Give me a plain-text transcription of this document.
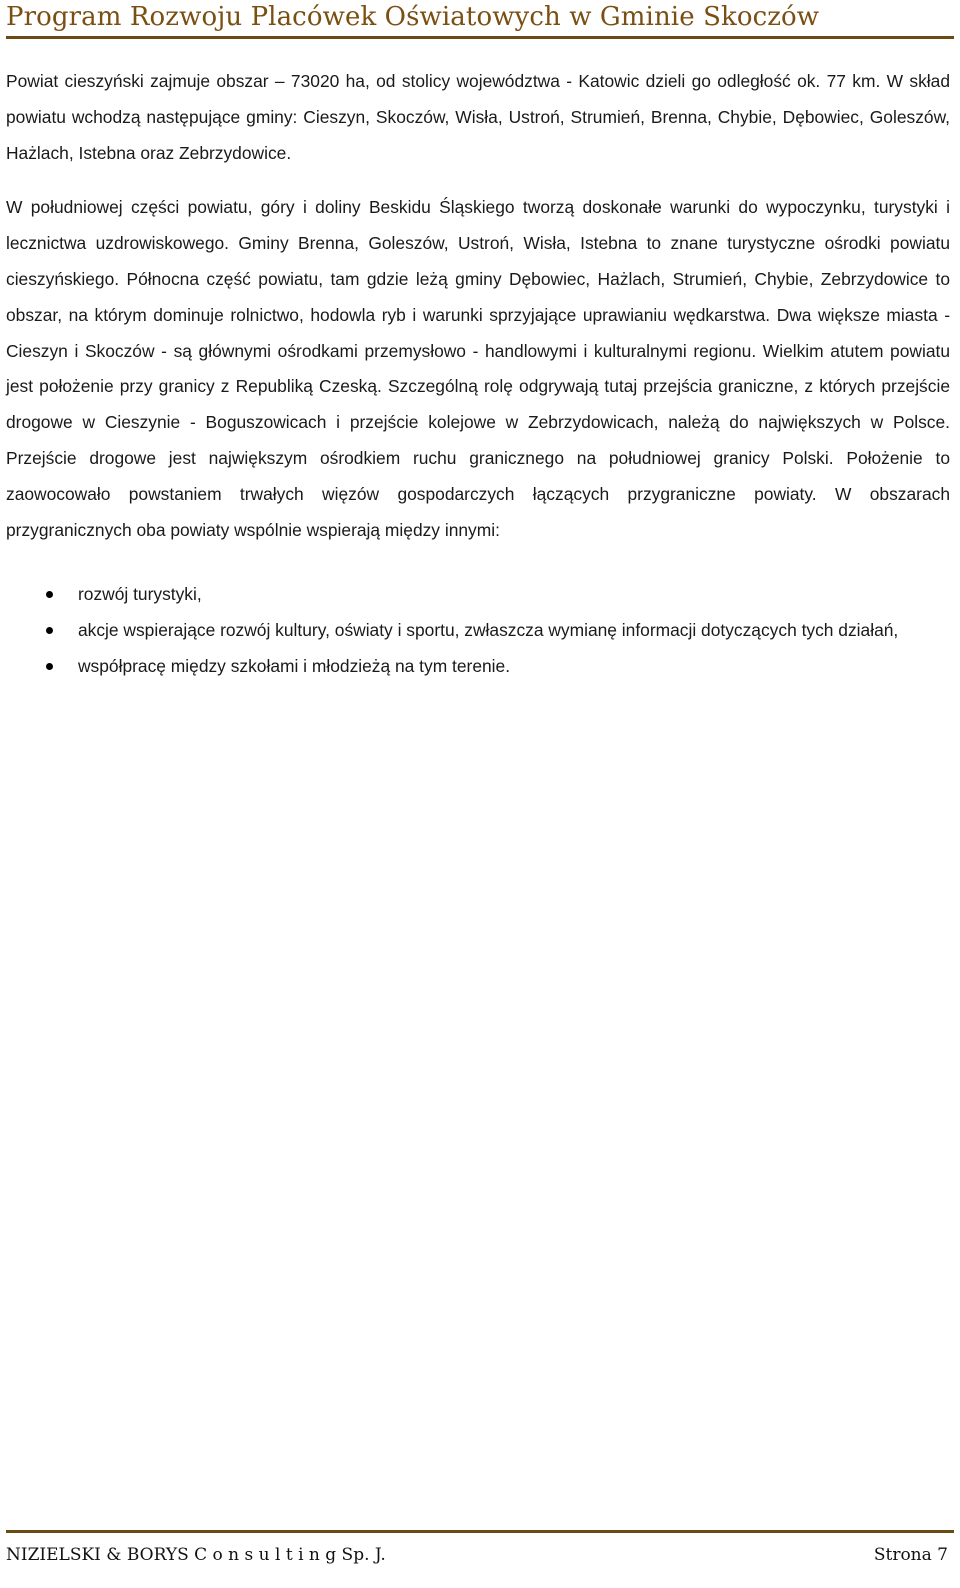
Program Rozwoju Placówek Oświatowych w Gminie Skoczów

Powiat cieszyński zajmuje obszar – 73020 ha, od stolicy województwa - Katowic dzieli go odległość ok. 77 km. W skład powiatu wchodzą następujące gminy: Cieszyn, Skoczów, Wisła, Ustroń, Strumień, Brenna, Chybie, Dębowiec, Goleszów, Hażlach, Istebna oraz Zebrzydowice.

W południowej części powiatu, góry i doliny Beskidu Śląskiego tworzą doskonałe warunki do wypoczynku, turystyki i lecznictwa uzdrowiskowego. Gminy Brenna, Goleszów, Ustroń, Wisła, Istebna to znane turystyczne ośrodki powiatu cieszyńskiego. Północna część powiatu, tam gdzie leżą gminy Dębowiec, Hażlach, Strumień, Chybie, Zebrzydowice to obszar, na którym dominuje rolnictwo, hodowla ryb i warunki sprzyjające uprawianiu wędkarstwa. Dwa większe miasta - Cieszyn i Skoczów - są głównymi ośrodkami przemysłowo - handlowymi i kulturalnymi regionu. Wielkim atutem powiatu jest położenie przy granicy z Republiką Czeską. Szczególną rolę odgrywają tutaj przejścia graniczne, z których przejście drogowe w Cieszynie - Boguszowicach i przejście kolejowe w Zebrzydowicach, należą do największych w Polsce. Przejście drogowe jest największym ośrodkiem ruchu granicznego na południowej granicy Polski. Położenie to zaowocowało powstaniem trwałych więzów gospodarczych łączących przygraniczne powiaty. W obszarach przygranicznych oba powiaty wspólnie wspierają między innymi:

rozwój turystyki,
akcje wspierające rozwój kultury, oświaty i sportu, zwłaszcza wymianę informacji dotyczących tych działań,
współpracę między szkołami i młodzieżą na tym terenie.
NIZIELSKI & BORYS C o n s u l t i n g Sp. J.	Strona 7
